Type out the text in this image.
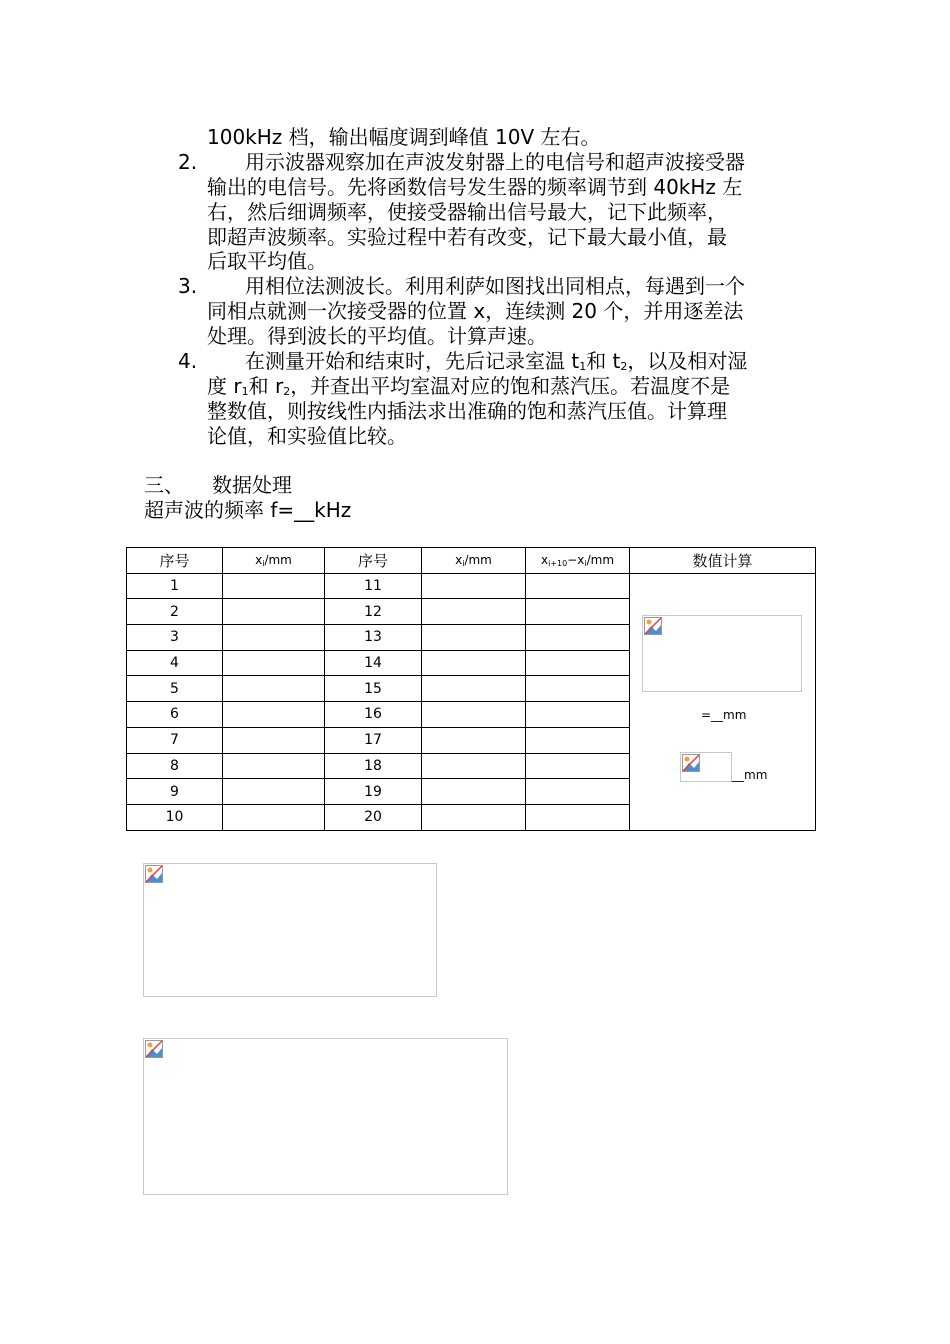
100kHz 档，输出幅度调到峰值 10V 左右。
2. 用示波器观察加在声波发射器上的电信号和超声波接受器
输出的电信号。先将函数信号发生器的频率调节到 40kHz 左
右，然后细调频率，使接受器输出信号最大，记下此频率，
即超声波频率。实验过程中若有改变，记下最大最小值，最
后取平均值。
3. 用相位法测波长。利用利萨如图找出同相点，每遇到一个
同相点就测一次接受器的位置 x，连续测 20 个，并用逐差法
处理。得到波长的平均值。计算声速。
4. 在测量开始和结束时，先后记录室温 t1和 t2，以及相对湿
度 r1和 r2，并查出平均室温对应的饱和蒸汽压。若温度不是
整数值，则按线性内插法求出准确的饱和蒸汽压值。计算理
论值，和实验值比较。
三、 数据处理
超声波的频率 f=__kHz
序号	xi/mm	序号	xi/mm	xi+10−xi/mm	数值计算
1		11			=__mm
__mm

2		12			
3		13			
4		14			
5		15			
6		16			
7		17			
8		18			
9		19			
10		20			
